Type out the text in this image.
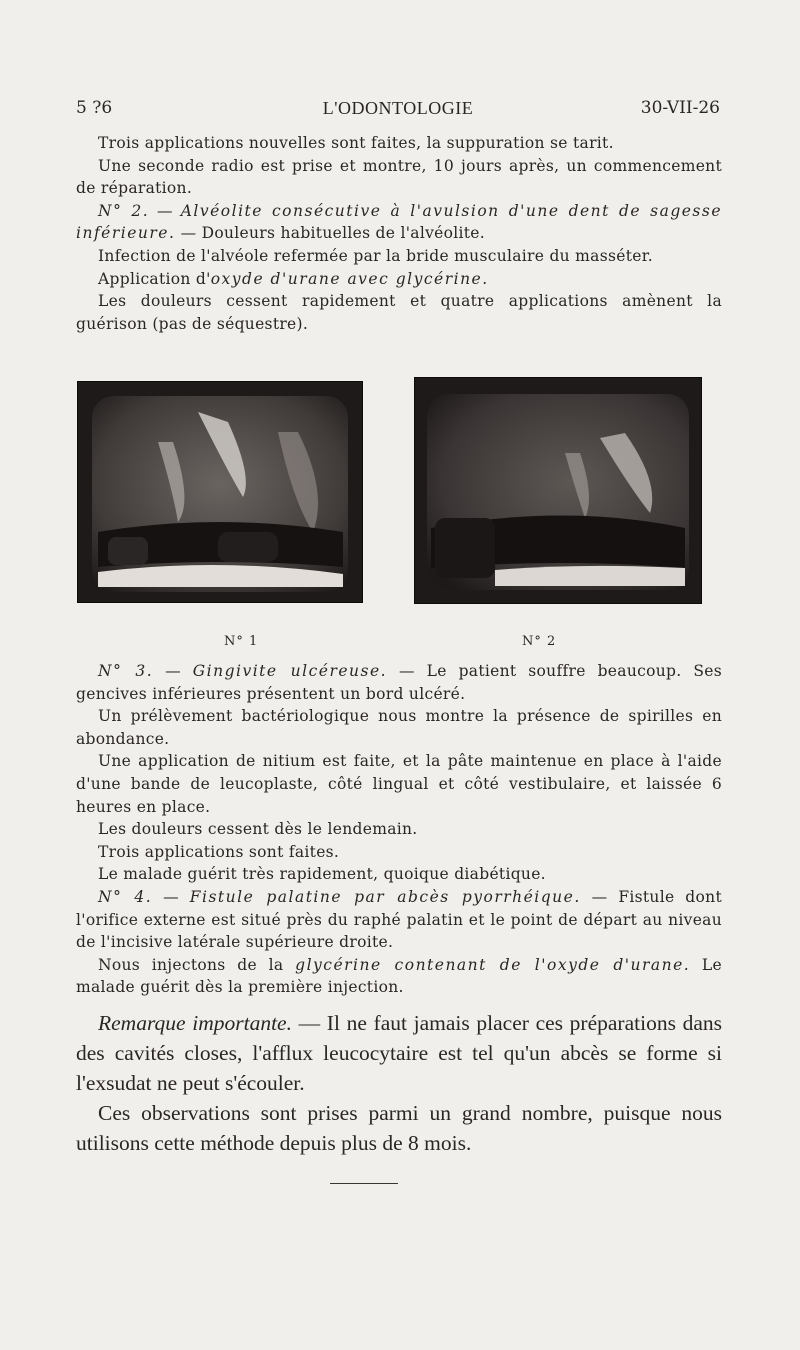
5 ?6	L'ODONTOLOGIE	30-VII-26

Trois applications nouvelles sont faites, la suppuration se tarit.

Une seconde radio est prise et montre, 10 jours après, un commencement de réparation.

N° 2. — Alvéolite consécutive à l'avulsion d'une dent de sagesse inférieure. — Douleurs habituelles de l'alvéolite.

Infection de l'alvéole refermée par la bride musculaire du masséter.

Application d'oxyde d'urane avec glycérine.

Les douleurs cessent rapidement et quatre applications amènent la guérison (pas de séquestre).

N° 1	N° 2

N° 3. — Gingivite ulcéreuse. — Le patient souffre beaucoup. Ses gencives inférieures présentent un bord ulcéré.

Un prélèvement bactériologique nous montre la présence de spirilles en abondance.

Une application de nitium est faite, et la pâte maintenue en place à l'aide d'une bande de leucoplaste, côté lingual et côté vestibulaire, et laissée 6 heures en place.

Les douleurs cessent dès le lendemain.

Trois applications sont faites.

Le malade guérit très rapidement, quoique diabétique.

N° 4. — Fistule palatine par abcès pyorrhéique. — Fistule dont l'orifice externe est situé près du raphé palatin et le point de départ au niveau de l'incisive latérale supérieure droite.

Nous injectons de la glycérine contenant de l'oxyde d'urane. Le malade guérit dès la première injection.

Remarque importante. — Il ne faut jamais placer ces préparations dans des cavités closes, l'afflux leucocytaire est tel qu'un abcès se forme si l'exsudat ne peut s'écouler.

Ces observations sont prises parmi un grand nombre, puisque nous utilisons cette méthode depuis plus de 8 mois.
